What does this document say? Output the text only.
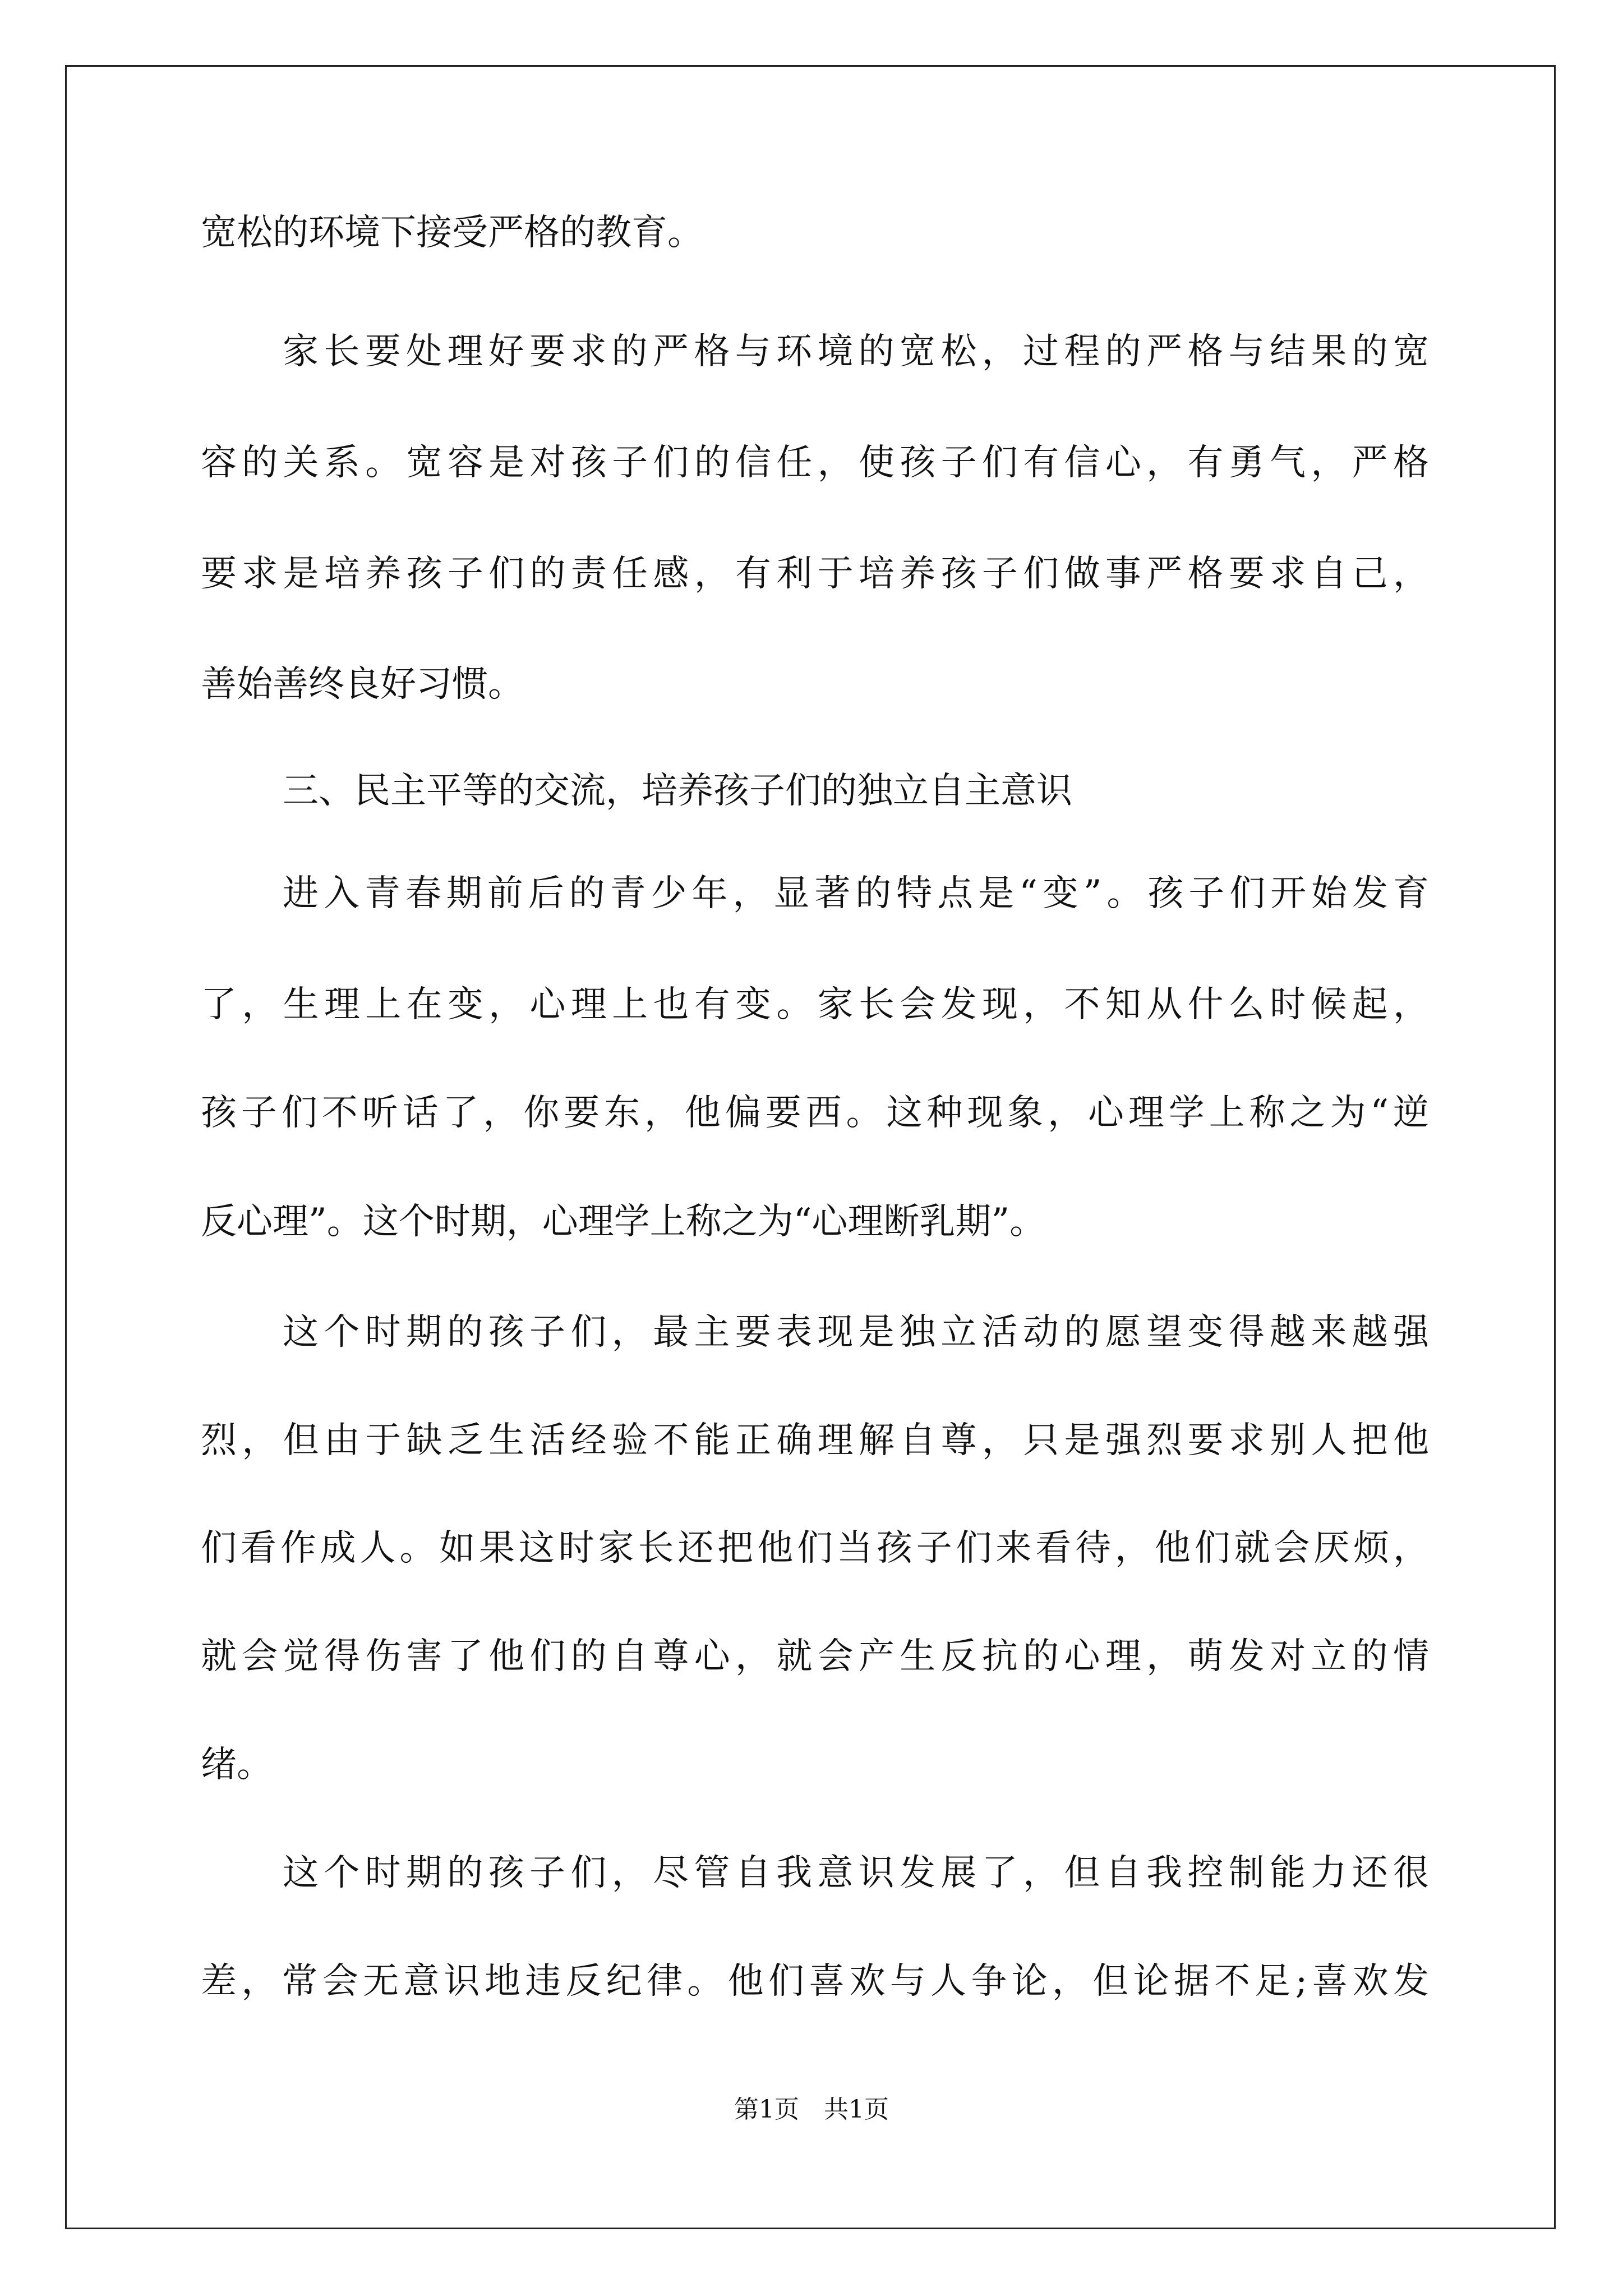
宽松的环境下接受严格的教育。
家长要处理好要求的严格与环境的宽松，过程的严格与结果的宽
容的关系。宽容是对孩子们的信任，使孩子们有信心，有勇气，严格
要求是培养孩子们的责任感，有利于培养孩子们做事严格要求自己，
善始善终良好习惯。
三、民主平等的交流，培养孩子们的独立自主意识
进入青春期前后的青少年，显著的特点是“变”。孩子们开始发育
了，生理上在变，心理上也有变。家长会发现，不知从什么时候起，
孩子们不听话了，你要东，他偏要西。这种现象，心理学上称之为“逆
反心理”。这个时期，心理学上称之为“心理断乳期”。
这个时期的孩子们，最主要表现是独立活动的愿望变得越来越强
烈，但由于缺乏生活经验不能正确理解自尊，只是强烈要求别人把他
们看作成人。如果这时家长还把他们当孩子们来看待，他们就会厌烦，
就会觉得伤害了他们的自尊心，就会产生反抗的心理，萌发对立的情
绪。
这个时期的孩子们，尽管自我意识发展了，但自我控制能力还很
差，常会无意识地违反纪律。他们喜欢与人争论，但论据不足;喜欢发
第1页　共1页
